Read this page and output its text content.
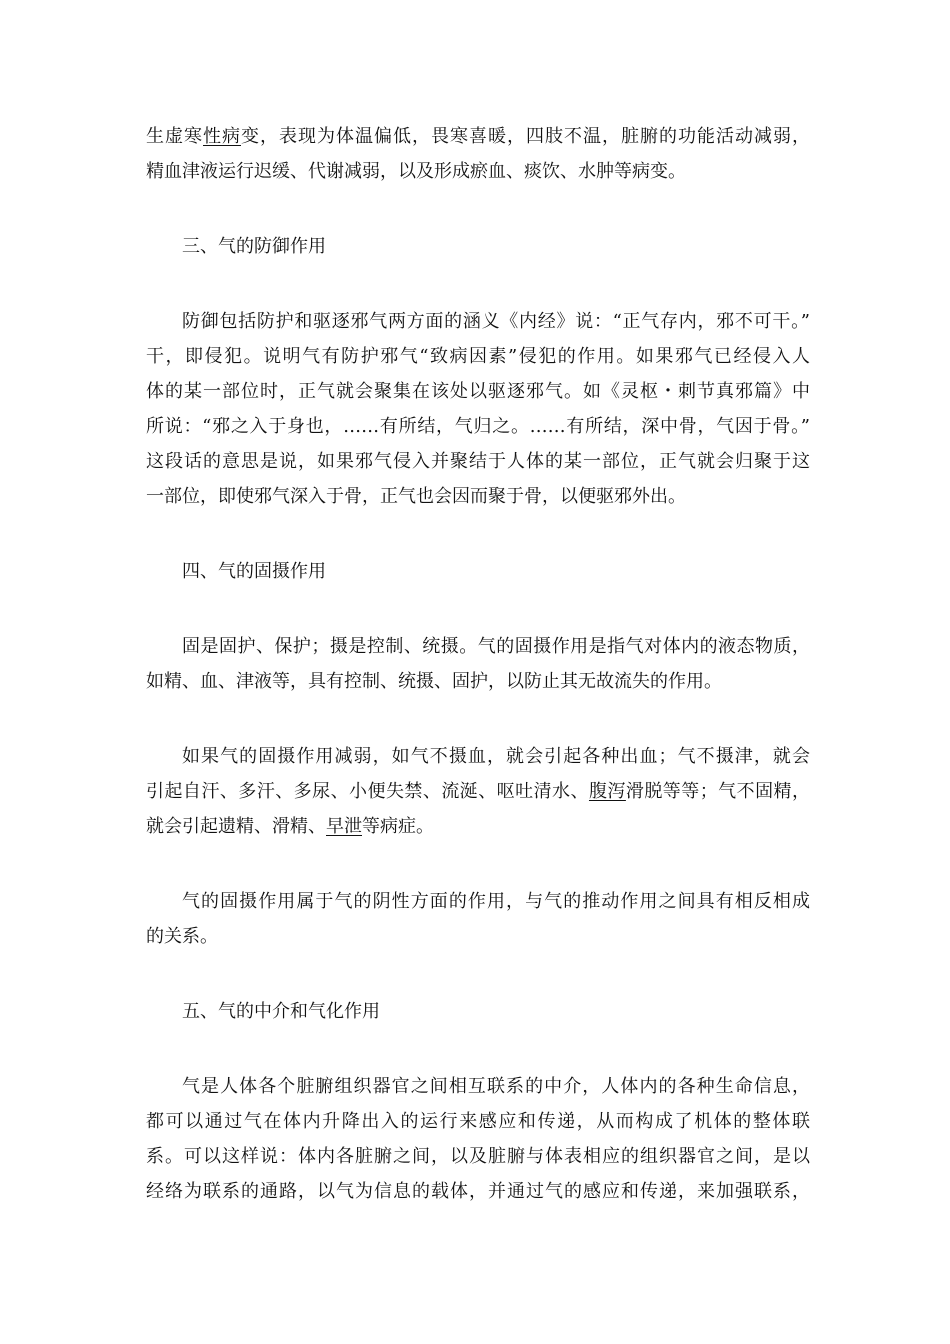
生虚寒性病变，表现为体温偏低，畏寒喜暖，四肢不温，脏腑的功能活动减弱，
精血津液运行迟缓、代谢减弱，以及形成瘀血、痰饮、水肿等病变。
三、气的防御作用
防御包括防护和驱逐邪气两方面的涵义《内经》说：“正气存内，邪不可干。”
干，即侵犯。说明气有防护邪气“致病因素”侵犯的作用。如果邪气已经侵入人
体的某一部位时，正气就会聚集在该处以驱逐邪气。如《灵枢・刺节真邪篇》中
所说：“邪之入于身也，……有所结，气归之。……有所结，深中骨，气因于骨。”
这段话的意思是说，如果邪气侵入并聚结于人体的某一部位，正气就会归聚于这
一部位，即使邪气深入于骨，正气也会因而聚于骨，以便驱邪外出。
四、气的固摄作用
固是固护、保护；摄是控制、统摄。气的固摄作用是指气对体内的液态物质，
如精、血、津液等，具有控制、统摄、固护，以防止其无故流失的作用。
如果气的固摄作用减弱，如气不摄血，就会引起各种出血；气不摄津，就会
引起自汗、多汗、多尿、小便失禁、流涎、呕吐清水、腹泻滑脱等等；气不固精，
就会引起遗精、滑精、早泄等病症。
气的固摄作用属于气的阴性方面的作用，与气的推动作用之间具有相反相成
的关系。
五、气的中介和气化作用
气是人体各个脏腑组织器官之间相互联系的中介，人体内的各种生命信息，
都可以通过气在体内升降出入的运行来感应和传递，从而构成了机体的整体联
系。可以这样说：体内各脏腑之间，以及脏腑与体表相应的组织器官之间，是以
经络为联系的通路，以气为信息的载体，并通过气的感应和传递，来加强联系，
